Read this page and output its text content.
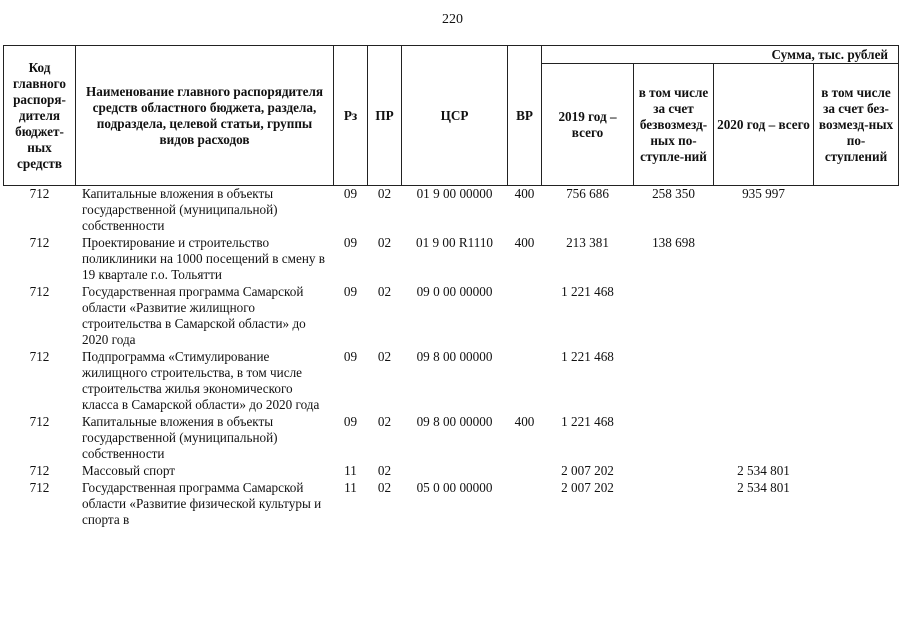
220
Код главного распоря-дителя бюджет-ных средств	Наименование главного распорядителя средств областного бюджета, раздела, подраздела, целевой статьи, группы видов расходов	Рз	ПР	ЦСР	ВР	Сумма, тыс. рублей			
						2019 год – всего	в том числе за счет безвозмезд-ных по-ступле-ний	2020 год – всего	в том числе за счет без-возмезд-ных по-ступлений
712	Капитальные вложения в объекты государственной (муниципальной) собственности	09	02	01 9 00 00000	400	756 686	258 350	935 997	
712	Проектирование и строительство поликлиники на 1000 посещений в смену в 19 квартале г.о. Тольятти	09	02	01 9 00 R1110	400	213 381	138 698		
712	Государственная программа Самарской области «Развитие жилищного строительства в Самарской области» до 2020 года	09	02	09 0 00 00000		1 221 468			
712	Подпрограмма «Стимулирование жилищного строительства, в том числе строительства жилья экономического класса в Самарской области» до 2020 года	09	02	09 8 00 00000		1 221 468			
712	Капитальные вложения в объекты государственной (муниципальной) собственности	09	02	09 8 00 00000	400	1 221 468			
712	Массовый спорт	11	02			2 007 202		2 534 801	
712	Государственная программа Самарской области «Развитие физической культуры и спорта в	11	02	05 0 00 00000		2 007 202		2 534 801	
